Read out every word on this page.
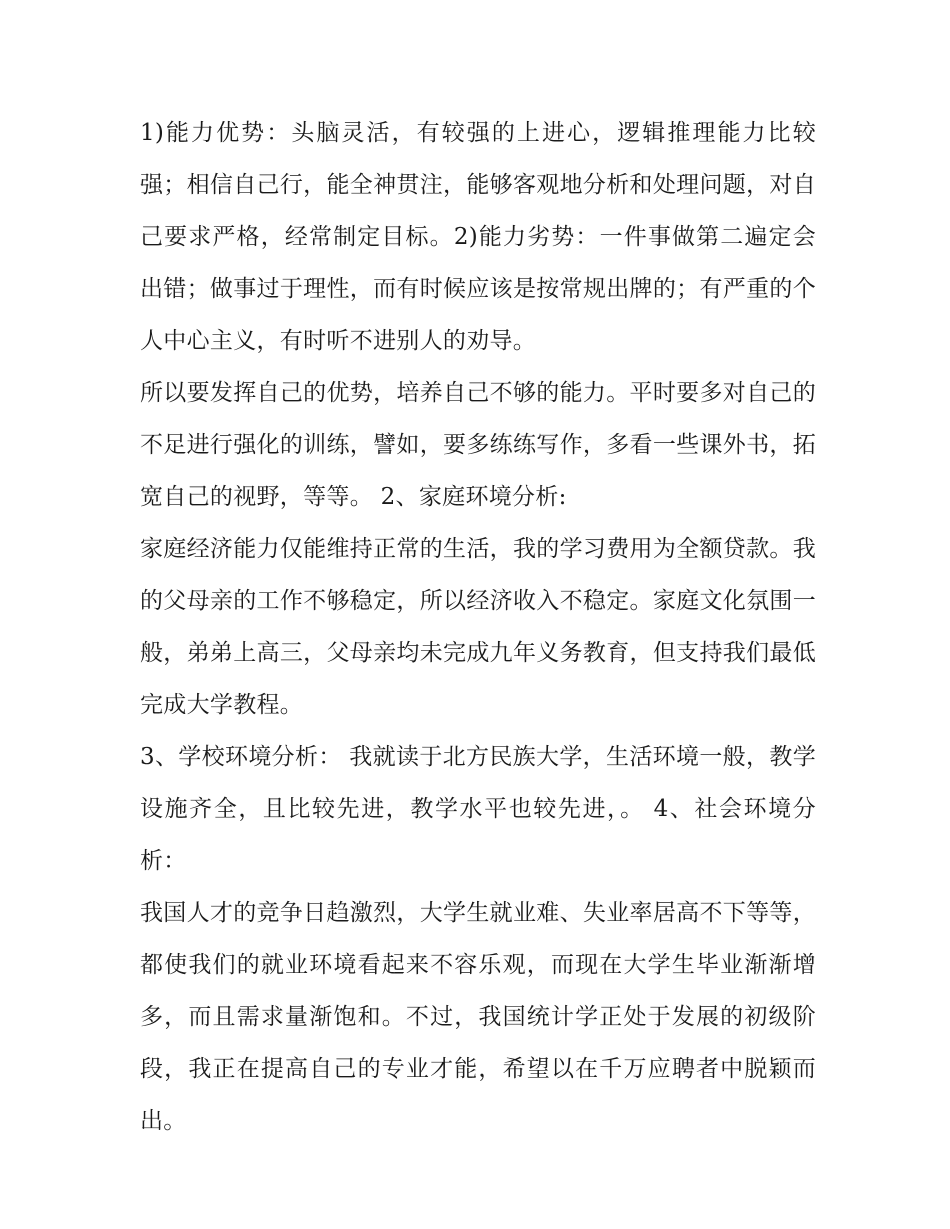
1)能力优势：头脑灵活，有较强的上进心，逻辑推理能力比较强；相信自己行，能全神贯注，能够客观地分析和处理问题，对自己要求严格，经常制定目标。2)能力劣势：一件事做第二遍定会出错；做事过于理性，而有时候应该是按常规出牌的；有严重的个人中心主义，有时听不进别人的劝导。

所以要发挥自己的优势，培养自己不够的能力。平时要多对自己的不足进行强化的训练，譬如，要多练练写作，多看一些课外书，拓宽自己的视野，等等。 2、家庭环境分析:

家庭经济能力仅能维持正常的生活，我的学习费用为全额贷款。我的父母亲的工作不够稳定，所以经济收入不稳定。家庭文化氛围一般，弟弟上高三，父母亲均未完成九年义务教育，但支持我们最低完成大学教程。

3、学校环境分析： 我就读于北方民族大学，生活环境一般，教学设施齐全，且比较先进，教学水平也较先进，。 4、社会环境分析：

我国人才的竞争日趋激烈，大学生就业难、失业率居高不下等等，都使我们的就业环境看起来不容乐观，而现在大学生毕业渐渐增多，而且需求量渐饱和。不过，我国统计学正处于发展的初级阶段，我正在提高自己的专业才能，希望以在千万应聘者中脱颖而出。
